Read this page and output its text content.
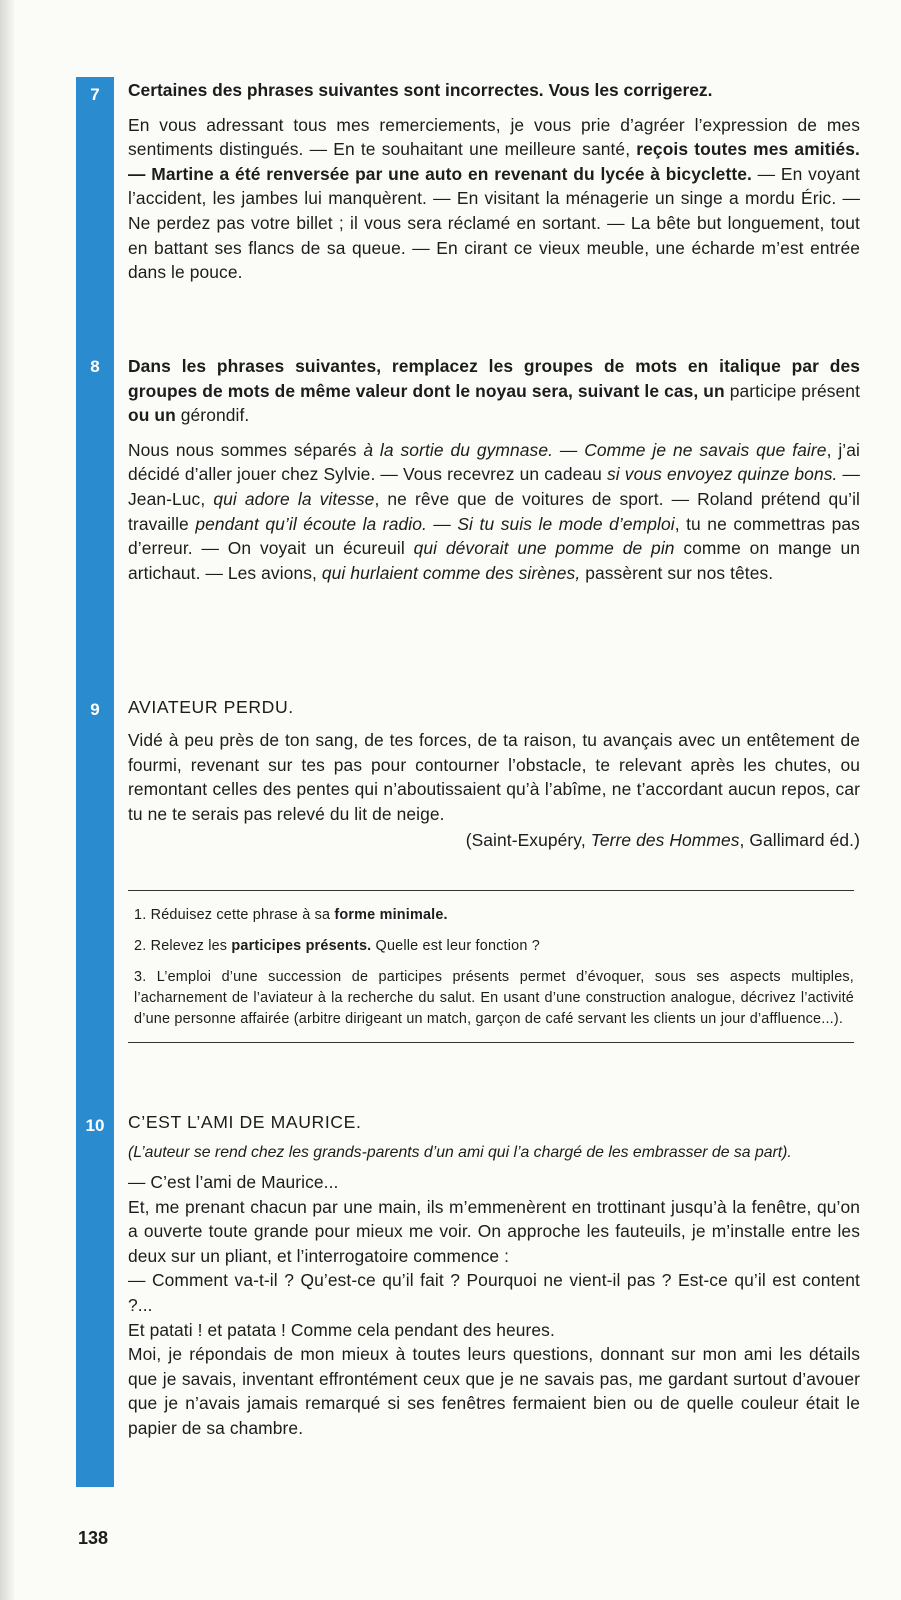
7	Certaines des phrases suivantes sont incorrectes. Vous les corrigerez.

En vous adressant tous mes remerciements, je vous prie d’agréer l’expression de mes sentiments distingués. — En te souhaitant une meilleure santé, reçois toutes mes amitiés. — Martine a été renversée par une auto en revenant du lycée à bicyclette. — En voyant l’accident, les jambes lui manquèrent. — En visitant la ménagerie un singe a mordu Éric. — Ne perdez pas votre billet ; il vous sera réclamé en sortant. — La bête but longuement, tout en battant ses flancs de sa queue. — En cirant ce vieux meuble, une écharde m’est entrée dans le pouce.

8	Dans les phrases suivantes, remplacez les groupes de mots en italique par des groupes de mots de même valeur dont le noyau sera, suivant le cas, un participe présent ou un gérondif.

Nous nous sommes séparés à la sortie du gymnase. — Comme je ne savais que faire, j’ai décidé d’aller jouer chez Sylvie. — Vous recevrez un cadeau si vous envoyez quinze bons. — Jean-Luc, qui adore la vitesse, ne rêve que de voitures de sport. — Roland prétend qu’il travaille pendant qu’il écoute la radio. — Si tu suis le mode d’emploi, tu ne commettras pas d’erreur. — On voyait un écureuil qui dévorait une pomme de pin comme on mange un artichaut. — Les avions, qui hurlaient comme des sirènes, passèrent sur nos têtes.

9	AVIATEUR PERDU.

Vidé à peu près de ton sang, de tes forces, de ta raison, tu avançais avec un entêtement de fourmi, revenant sur tes pas pour contourner l’obstacle, te relevant après les chutes, ou remontant celles des pentes qui n’aboutissaient qu’à l’abîme, ne t’accordant aucun repos, car tu ne te serais pas relevé du lit de neige.

(Saint-Exupéry, Terre des Hommes, Gallimard éd.)

1. Réduisez cette phrase à sa forme minimale.

2. Relevez les participes présents. Quelle est leur fonction ?

3. L’emploi d’une succession de participes présents permet d’évoquer, sous ses aspects multiples, l’acharnement de l’aviateur à la recherche du salut. En usant d’une construction analogue, décrivez l’activité d’une personne affairée (arbitre dirigeant un match, garçon de café servant les clients un jour d’affluence...).

10	C’EST L’AMI DE MAURICE.

(L’auteur se rend chez les grands-parents d’un ami qui l’a chargé de les embrasser de sa part).

— C’est l’ami de Maurice...

Et, me prenant chacun par une main, ils m’emmenèrent en trottinant jusqu’à la fenêtre, qu’on a ouverte toute grande pour mieux me voir. On approche les fauteuils, je m’installe entre les deux sur un pliant, et l’interrogatoire commence :

— Comment va-t-il ? Qu’est-ce qu’il fait ? Pourquoi ne vient-il pas ? Est-ce qu’il est content ?...

Et patati ! et patata ! Comme cela pendant des heures.

Moi, je répondais de mon mieux à toutes leurs questions, donnant sur mon ami les détails que je savais, inventant effrontément ceux que je ne savais pas, me gardant surtout d’avouer que je n’avais jamais remarqué si ses fenêtres fermaient bien ou de quelle couleur était le papier de sa chambre.

138
